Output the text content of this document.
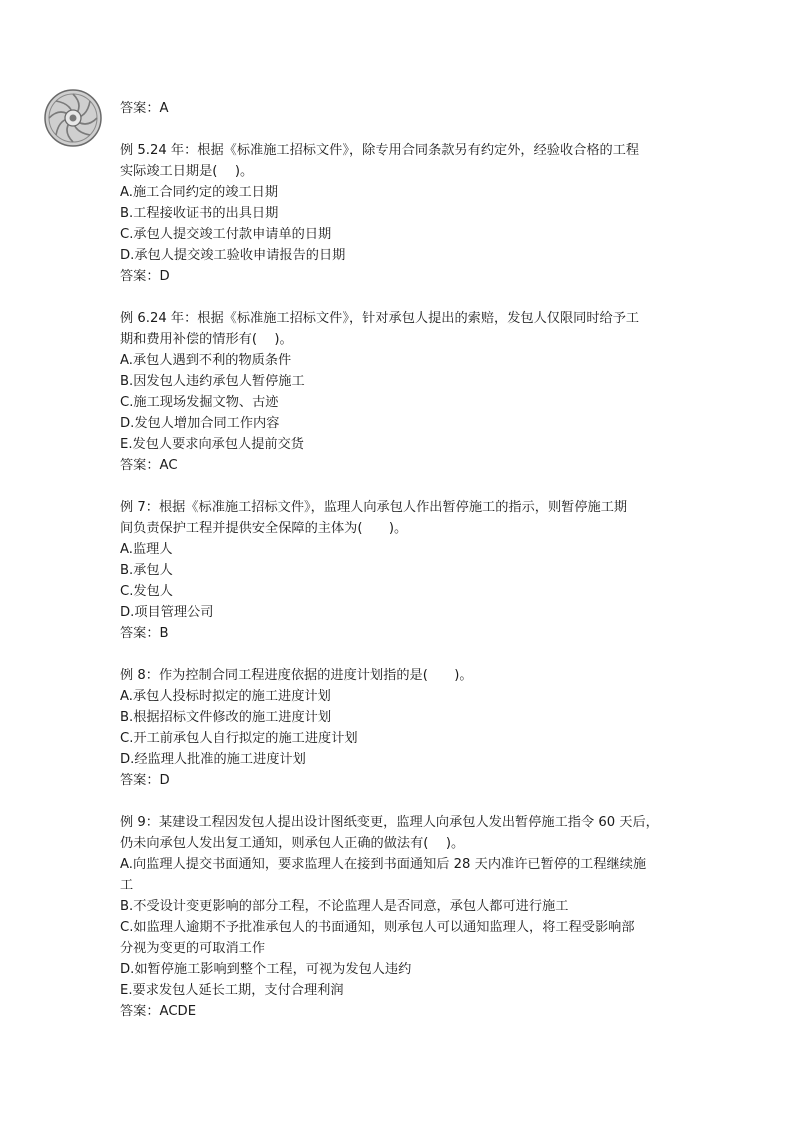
答案：A
例 5.24 年：根据《标准施工招标文件》，除专用合同条款另有约定外，经验收合格的工程
实际竣工日期是(　 )。
A.施工合同约定的竣工日期
B.工程接收证书的出具日期
C.承包人提交竣工付款申请单的日期
D.承包人提交竣工验收申请报告的日期
答案：D
例 6.24 年：根据《标准施工招标文件》，针对承包人提出的索赔，发包人仅限同时给予工
期和费用补偿的情形有(　 )。
A.承包人遇到不利的物质条件
B.因发包人违约承包人暂停施工
C.施工现场发掘文物、古迹
D.发包人增加合同工作内容
E.发包人要求向承包人提前交货
答案：AC
例 7：根据《标准施工招标文件》，监理人向承包人作出暂停施工的指示，则暂停施工期
间负责保护工程并提供安全保障的主体为(　　)。
A.监理人
B.承包人
C.发包人
D.项目管理公司
答案：B
例 8：作为控制合同工程进度依据的进度计划指的是(　　)。
A.承包人投标时拟定的施工进度计划
B.根据招标文件修改的施工进度计划
C.开工前承包人自行拟定的施工进度计划
D.经监理人批准的施工进度计划
答案：D
例 9：某建设工程因发包人提出设计图纸变更，监理人向承包人发出暂停施工指令 60 天后，
仍未向承包人发出复工通知，则承包人正确的做法有(　 )。
A.向监理人提交书面通知，要求监理人在接到书面通知后 28 天内准许已暂停的工程继续施
工
B.不受设计变更影响的部分工程，不论监理人是否同意，承包人都可进行施工
C.如监理人逾期不予批准承包人的书面通知，则承包人可以通知监理人，将工程受影响部
分视为变更的可取消工作
D.如暂停施工影响到整个工程，可视为发包人违约
E.要求发包人延长工期，支付合理利润
答案：ACDE
